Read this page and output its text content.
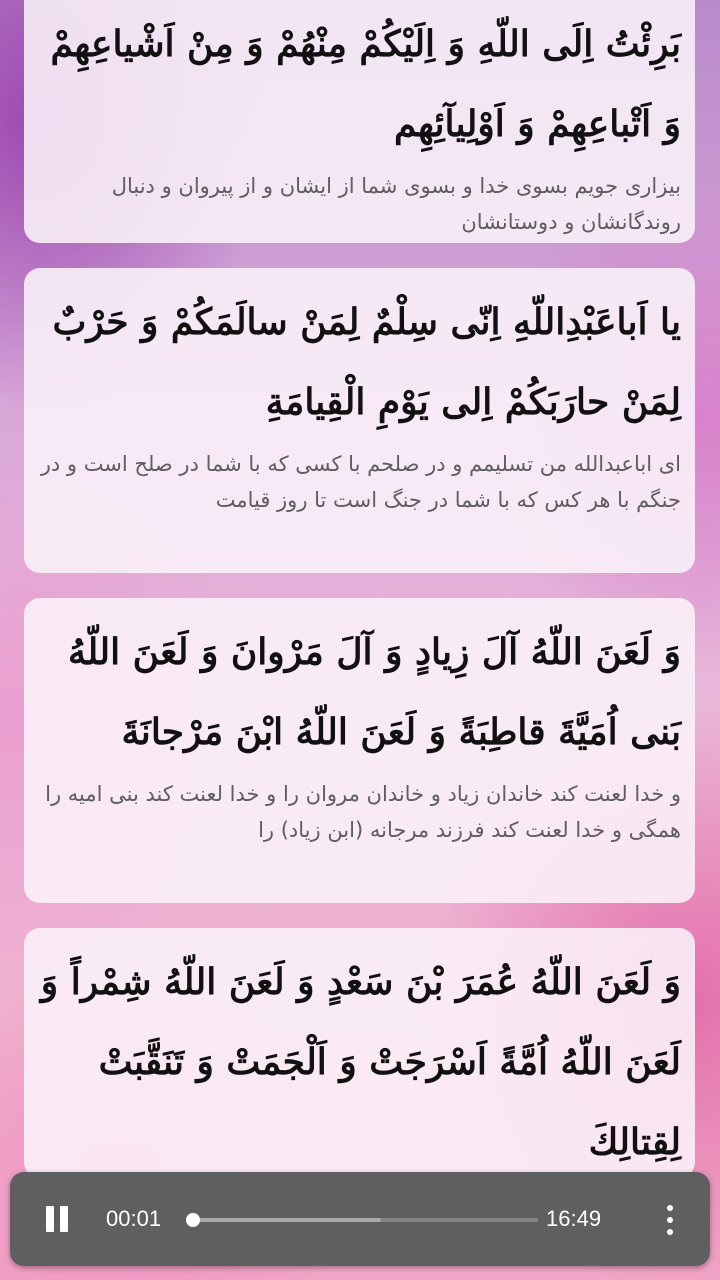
بَرِئْتُ اِلَى اللّهِ وَ اِلَيْكُمْ مِنْهُمْ وَ مِنْ اَشْياعِهِمْ وَ اَتْباعِهِمْ وَ اَوْلِيآئِهِم

بیزاری جویم بسوی خدا و بسوی شما از ایشان و از پیروان و دنبال روندگانشان و دوستانشان

يا اَباعَبْدِاللّهِ اِنّى سِلْمٌ لِمَنْ سالَمَكُمْ وَ حَرْبٌ لِمَنْ حارَبَكُمْ اِلى يَوْمِ الْقِيامَةِ

ای اباعبدالله من تسلیمم و در صلحم با کسی که با شما در صلح است و در جنگم با هر کس که با شما در جنگ است تا روز قیامت

وَ لَعَنَ اللّهُ آلَ زِيادٍ وَ آلَ مَرْوانَ وَ لَعَنَ اللّهُ بَنى اُمَيَّةَ قاطِبَةً وَ لَعَنَ اللّهُ ابْنَ مَرْجانَةَ

و خدا لعنت کند خاندان زیاد و خاندان مروان را و خدا لعنت کند بنی امیه را همگی و خدا لعنت کند فرزند مرجانه (ابن زیاد) را

وَ لَعَنَ اللّهُ عُمَرَ بْنَ سَعْدٍ وَ لَعَنَ اللّهُ شِمْراً وَ لَعَنَ اللّهُ اُمَّةً اَسْرَجَتْ وَ اَلْجَمَتْ وَ تَنَقَّبَتْ لِقِتالِكَ

00:01	16:49
